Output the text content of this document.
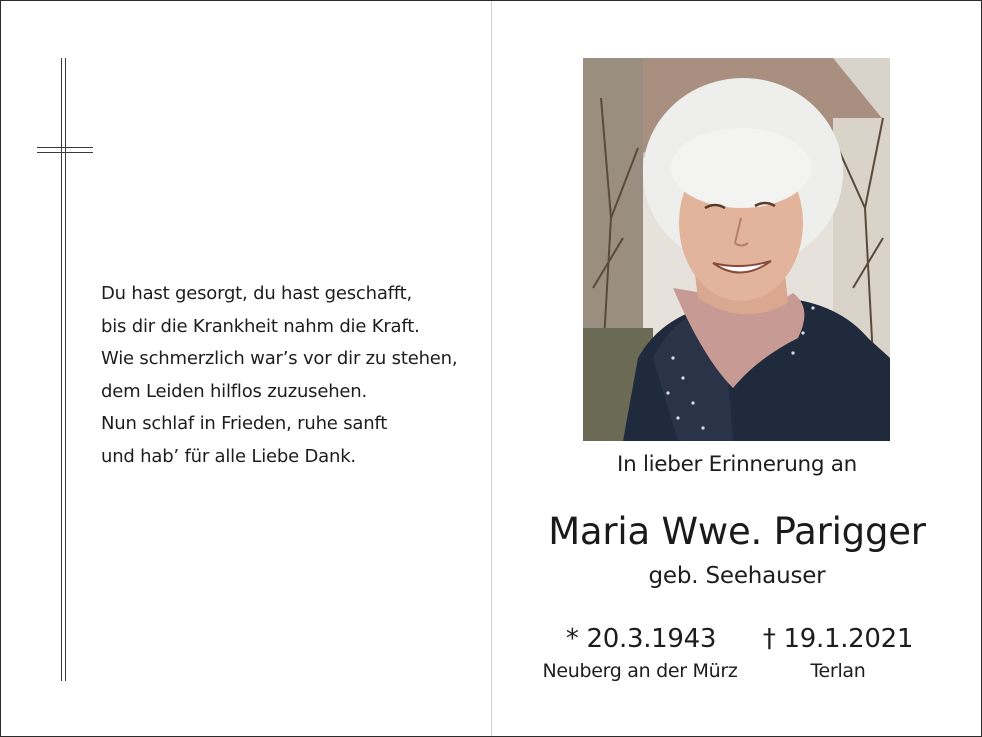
Du hast gesorgt, du hast geschafft,
bis dir die Krankheit nahm die Kraft.
Wie schmerzlich war’s vor dir zu stehen,
dem Leiden hilflos zuzusehen.
Nun schlaf in Frieden, ruhe sanft
und hab’ für alle Liebe Dank.	In lieber Erinnerung an
Maria Wwe. Parigger
geb. Seehauser
* 20.3.1943	† 19.1.2021
Neuberg an der Mürz	Terlan
